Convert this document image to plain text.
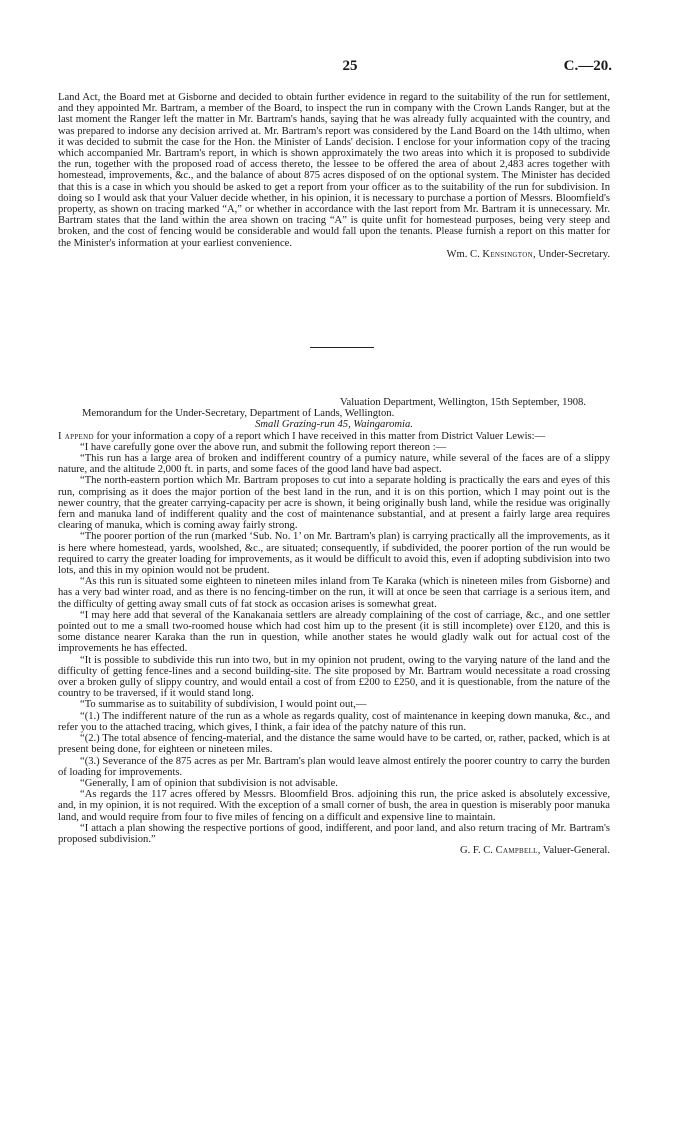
25	C.—20.

Land Act, the Board met at Gisborne and decided to obtain further evidence in regard to the suitability of the run for settlement, and they appointed Mr. Bartram, a member of the Board, to inspect the run in company with the Crown Lands Ranger, but at the last moment the Ranger left the matter in Mr. Bartram's hands, saying that he was already fully acquainted with the country, and was prepared to indorse any decision arrived at. Mr. Bartram's report was considered by the Land Board on the 14th ultimo, when it was decided to submit the case for the Hon. the Minister of Lands' decision. I enclose for your information copy of the tracing which accompanied Mr. Bartram's report, in which is shown approximately the two areas into which it is proposed to subdivide the run, together with the proposed road of access thereto, the lessee to be offered the area of about 2,483 acres together with homestead, improvements, &c., and the balance of about 875 acres disposed of on the optional system. The Minister has decided that this is a case in which you should be asked to get a report from your officer as to the suitability of the run for subdivision. In doing so I would ask that your Valuer decide whether, in his opinion, it is necessary to purchase a portion of Messrs. Bloomfield's property, as shown on tracing marked “A,” or whether in accordance with the last report from Mr. Bartram it is unnecessary. Mr. Bartram states that the land within the area shown on tracing “A” is quite unfit for homestead purposes, being very steep and broken, and the cost of fencing would be considerable and would fall upon the tenants. Please furnish a report on this matter for the Minister's information at your earliest convenience.

Wm. C. Kensington, Under-Secretary.

Valuation Department, Wellington, 15th September, 1908.

Memorandum for the Under-Secretary, Department of Lands, Wellington.

Small Grazing-run 45, Waingaromia.

I append for your information a copy of a report which I have received in this matter from District Valuer Lewis:—

“I have carefully gone over the above run, and submit the following report thereon :—

“This run has a large area of broken and indifferent country of a pumicy nature, while several of the faces are of a slippy nature, and the altitude 2,000 ft. in parts, and some faces of the good land have bad aspect.

“The north-eastern portion which Mr. Bartram proposes to cut into a separate holding is practically the ears and eyes of this run, comprising as it does the major portion of the best land in the run, and it is on this portion, which I may point out is the newer country, that the greater carrying-capacity per acre is shown, it being originally bush land, while the residue was originally fern and manuka land of indifferent quality and the cost of maintenance substantial, and at present a fairly large area requires clearing of manuka, which is coming away fairly strong.

“The poorer portion of the run (marked ‘Sub. No. 1’ on Mr. Bartram's plan) is carrying practically all the improvements, as it is here where homestead, yards, woolshed, &c., are situated; consequently, if subdivided, the poorer portion of the run would be required to carry the greater loading for improvements, as it would be difficult to avoid this, even if adopting subdivision into two lots, and this in my opinion would not be prudent.

“As this run is situated some eighteen to nineteen miles inland from Te Karaka (which is nineteen miles from Gisborne) and has a very bad winter road, and as there is no fencing-timber on the run, it will at once be seen that carriage is a serious item, and the difficulty of getting away small cuts of fat stock as occasion arises is somewhat great.

“I may here add that several of the Kanakanaia settlers are already complaining of the cost of carriage, &c., and one settler pointed out to me a small two-roomed house which had cost him up to the present (it is still incomplete) over £120, and this is some distance nearer Karaka than the run in question, while another states he would gladly walk out for actual cost of the improvements he has effected.

“It is possible to subdivide this run into two, but in my opinion not prudent, owing to the varying nature of the land and the difficulty of getting fence-lines and a second building-site. The site proposed by Mr. Bartram would necessitate a road crossing over a broken gully of slippy country, and would entail a cost of from £200 to £250, and it is questionable, from the nature of the country to be traversed, if it would stand long.

“To summarise as to suitability of subdivision, I would point out,—

“(1.) The indifferent nature of the run as a whole as regards quality, cost of maintenance in keeping down manuka, &c., and refer you to the attached tracing, which gives, I think, a fair idea of the patchy nature of this run.

“(2.) The total absence of fencing-material, and the distance the same would have to be carted, or, rather, packed, which is at present being done, for eighteen or nineteen miles.

“(3.) Severance of the 875 acres as per Mr. Bartram's plan would leave almost entirely the poorer country to carry the burden of loading for improvements.

“Generally, I am of opinion that subdivision is not advisable.

“As regards the 117 acres offered by Messrs. Bloomfield Bros. adjoining this run, the price asked is absolutely excessive, and, in my opinion, it is not required. With the exception of a small corner of bush, the area in question is miserably poor manuka land, and would require from four to five miles of fencing on a difficult and expensive line to maintain.

“I attach a plan showing the respective portions of good, indifferent, and poor land, and also return tracing of Mr. Bartram's proposed subdivision.”

G. F. C. Campbell, Valuer-General.
